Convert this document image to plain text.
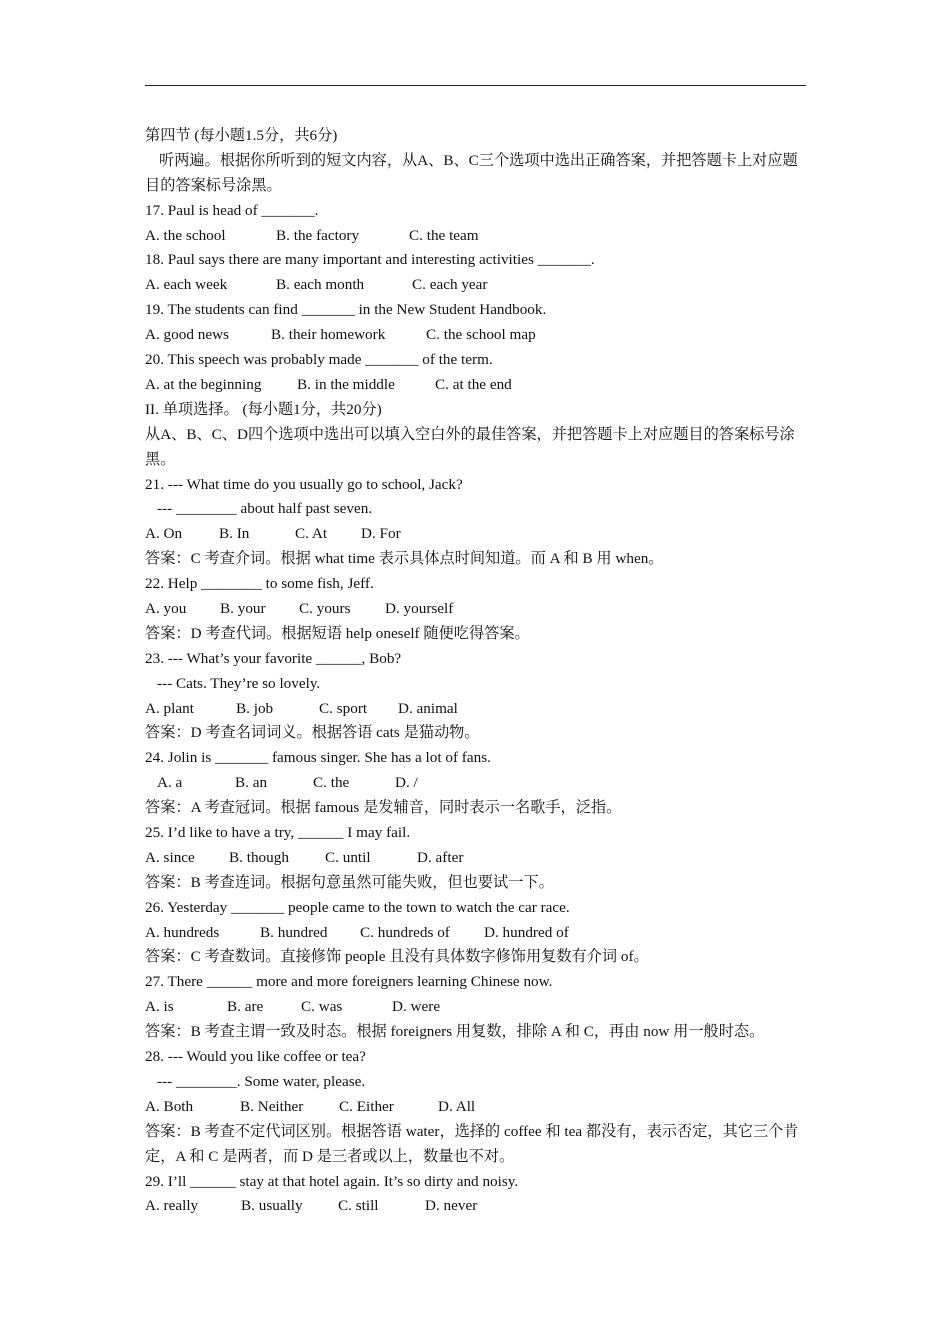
第四节 (每小题1.5分，共6分)
听两遍。根据你所听到的短文内容，从A、B、C三个选项中选出正确答案，并把答题卡上对应题目的答案标号涂黑。
17. Paul is head of _______.
A. the school	B. the factory	C. the team
18. Paul says there are many important and interesting activities _______.
A. each week	B. each month	C. each year
19. The students can find _______ in the New Student Handbook.
A. good news	B. their homework	C. the school map
20. This speech was probably made _______ of the term.
A. at the beginning	B. in the middle	C. at the end
II. 单项选择。 (每小题1分，共20分)
从A、B、C、D四个选项中选出可以填入空白外的最佳答案，并把答题卡上对应题目的答案标号涂黑。
21. --- What time do you usually go to school, Jack?
--- ________ about half past seven.
A. On	B. In	C. At	D. For
答案：C 考查介词。根据 what time 表示具体点时间知道。而 A 和 B 用 when。
22. Help ________ to some fish, Jeff.
A. you	B. your	C. yours	D. yourself
答案：D 考查代词。根据短语 help oneself 随便吃得答案。
23. --- What’s your favorite ______, Bob?
--- Cats. They’re so lovely.
A. plant	B. job	C. sport	D. animal
答案：D 考查名词词义。根据答语 cats 是猫动物。
24. Jolin is _______ famous singer. She has a lot of fans.
A. a	B. an	C. the	D. /
答案：A 考查冠词。根据 famous 是发辅音，同时表示一名歌手，泛指。
25. I’d like to have a try, ______ I may fail.
A. since	B. though	C. until	D. after
答案：B 考查连词。根据句意虽然可能失败，但也要试一下。
26. Yesterday _______ people came to the town to watch the car race.
A. hundreds	B. hundred	C. hundreds of	D. hundred of
答案：C 考查数词。直接修饰 people 且没有具体数字修饰用复数有介词 of。
27. There ______ more and more foreigners learning Chinese now.
A. is	B. are	C. was	D. were
答案：B 考查主谓一致及时态。根据 foreigners 用复数，排除 A 和 C，再由 now 用一般时态。
28. --- Would you like coffee or tea?
--- ________. Some water, please.
A. Both	B. Neither	C. Either	D. All
答案：B 考查不定代词区别。根据答语 water，选择的 coffee 和 tea 都没有，表示否定，其它三个肯定，A 和 C 是两者，而 D 是三者或以上，数量也不对。
29. I’ll ______ stay at that hotel again. It’s so dirty and noisy.
A. really	B. usually	C. still	D. never
